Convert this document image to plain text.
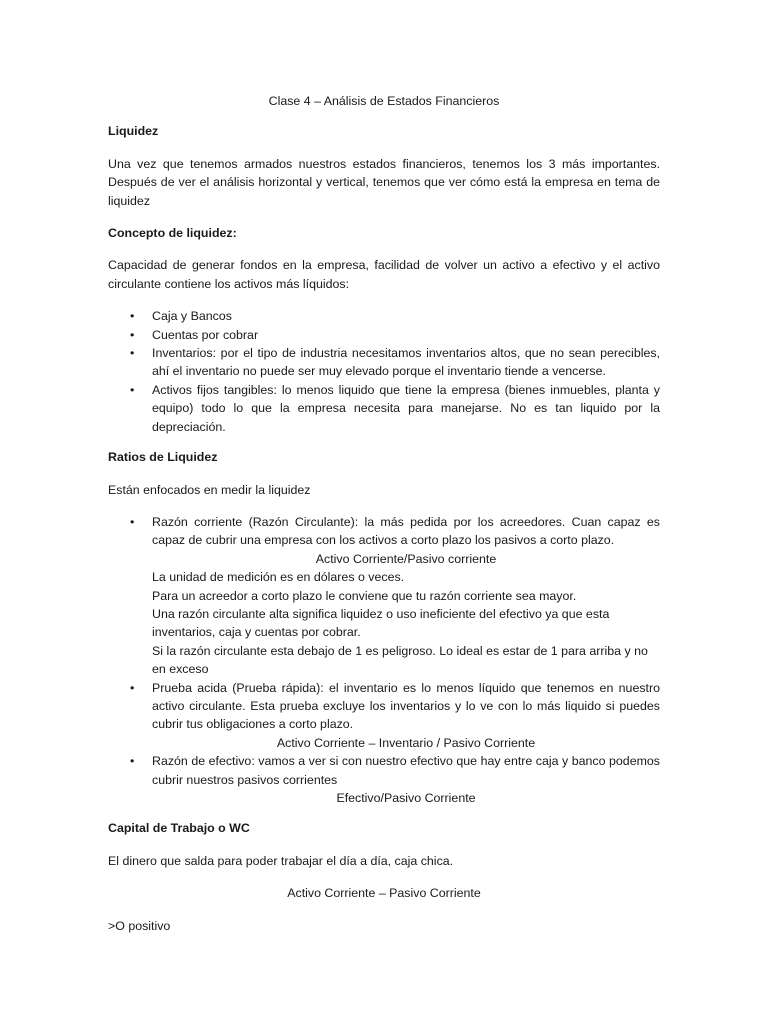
Clase 4 – Análisis de Estados Financieros
Liquidez
Una vez que tenemos armados nuestros estados financieros, tenemos los 3 más importantes. Después de ver el análisis horizontal y vertical, tenemos que ver cómo está la empresa en tema de liquidez
Concepto de liquidez:
Capacidad de generar fondos en la empresa, facilidad de volver un activo a efectivo y el activo circulante contiene los activos más líquidos:
• Caja y Bancos
• Cuentas por cobrar
• Inventarios: por el tipo de industria necesitamos inventarios altos, que no sean perecibles, ahí el inventario no puede ser muy elevado porque el inventario tiende a vencerse.
• Activos fijos tangibles: lo menos liquido que tiene la empresa (bienes inmuebles, planta y equipo) todo lo que la empresa necesita para manejarse. No es tan liquido por la depreciación.
Ratios de Liquidez
Están enfocados en medir la liquidez
• Razón corriente (Razón Circulante): la más pedida por los acreedores. Cuan capaz es capaz de cubrir una empresa con los activos a corto plazo los pasivos a corto plazo.
Activo Corriente/Pasivo corriente
La unidad de medición es en dólares o veces.
Para un acreedor a corto plazo le conviene que tu razón corriente sea mayor.
Una razón circulante alta significa liquidez o uso ineficiente del efectivo ya que esta inventarios, caja y cuentas por cobrar.
Si la razón circulante esta debajo de 1 es peligroso. Lo ideal es estar de 1 para arriba y no en exceso
• Prueba acida (Prueba rápida): el inventario es lo menos líquido que tenemos en nuestro activo circulante. Esta prueba excluye los inventarios y lo ve con lo más liquido si puedes cubrir tus obligaciones a corto plazo.
Activo Corriente – Inventario / Pasivo Corriente
• Razón de efectivo: vamos a ver si con nuestro efectivo que hay entre caja y banco podemos cubrir nuestros pasivos corrientes
Efectivo/Pasivo Corriente
Capital de Trabajo o WC
El dinero que salda para poder trabajar el día a día, caja chica.
Activo Corriente – Pasivo Corriente
>O positivo
